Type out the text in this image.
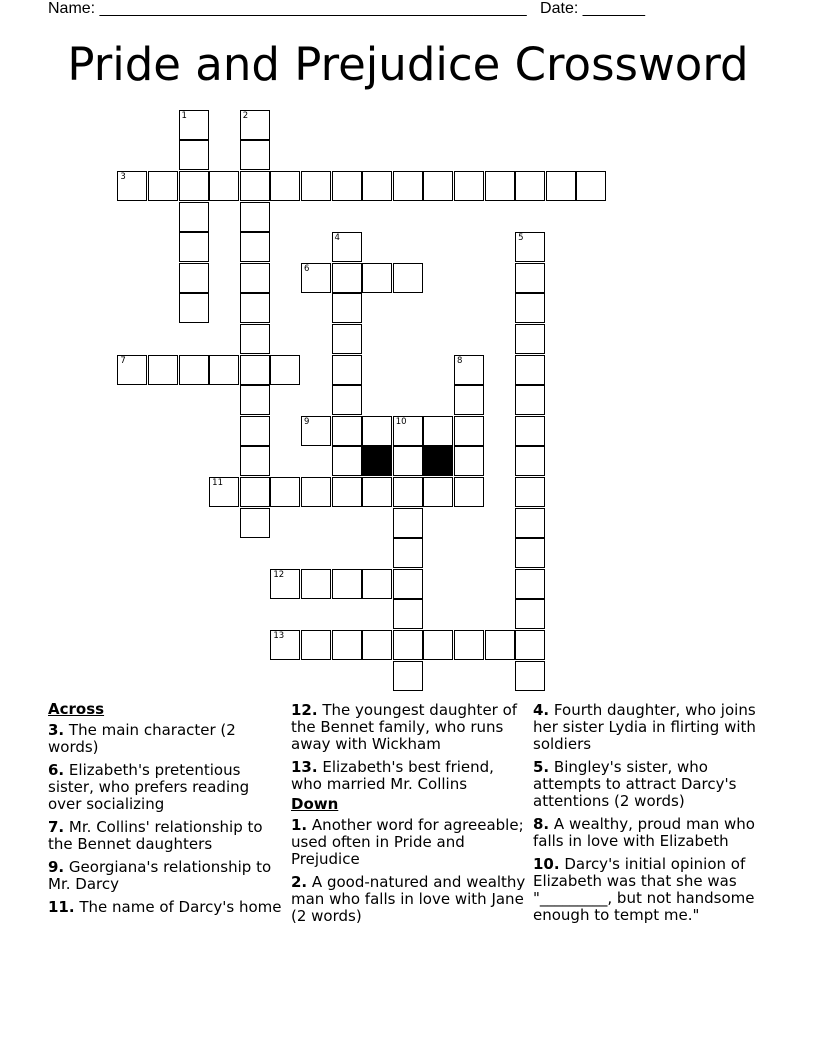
Name: ________________________________________________ Date: _______
Pride and Prejudice Crossword
1	2
3
4	5
6
7	8
9	10
11
12
13
Across
3. The main character (2 words)
6. Elizabeth's pretentious sister, who prefers reading over socializing
7. Mr. Collins' relationship to the Bennet daughters
9. Georgiana's relationship to Mr. Darcy
11. The name of Darcy's home
12. The youngest daughter of the Bennet family, who runs away with Wickham
13. Elizabeth's best friend, who married Mr. Collins
Down
1. Another word for agreeable; used often in Pride and Prejudice
2. A good-natured and wealthy man who falls in love with Jane (2 words)
4. Fourth daughter, who joins her sister Lydia in flirting with soldiers
5. Bingley's sister, who attempts to attract Darcy's attentions (2 words)
8. A wealthy, proud man who falls in love with Elizabeth
10. Darcy's initial opinion of Elizabeth was that she was "_________, but not handsome enough to tempt me."
